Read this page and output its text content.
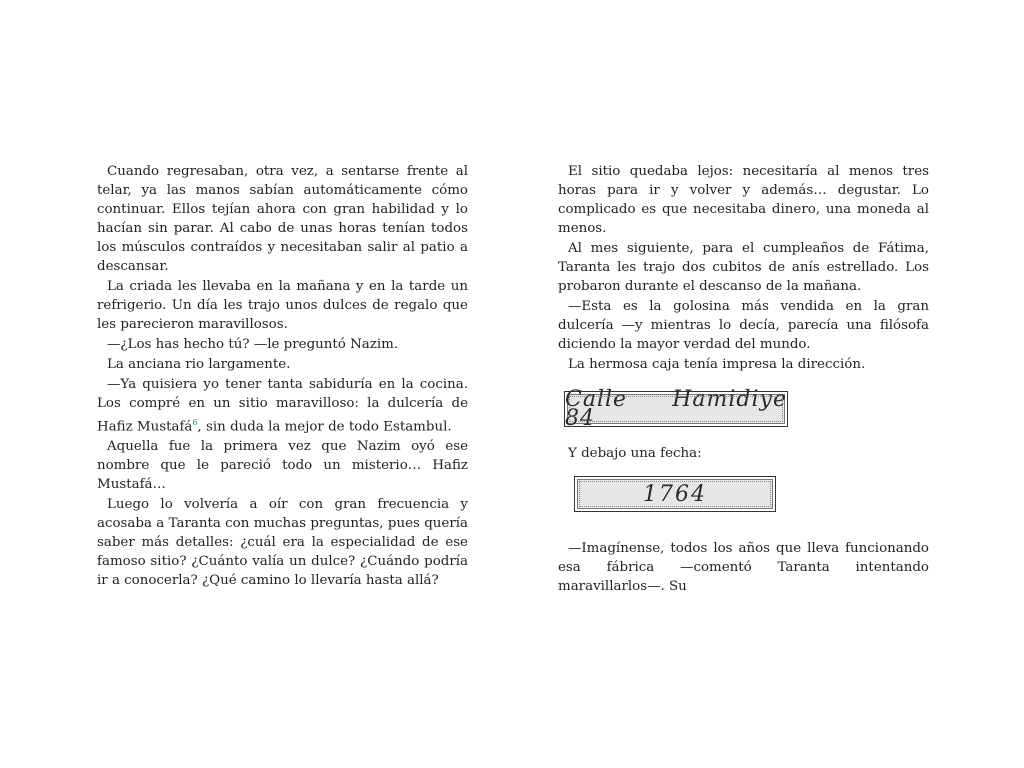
Cuando regresaban, otra vez, a sentarse frente al telar, ya las manos sabían automáticamente cómo continuar. Ellos tejían ahora con gran habilidad y lo hacían sin parar. Al cabo de unas horas tenían todos los músculos contraídos y necesitaban salir al patio a descansar.

La criada les llevaba en la mañana y en la tarde un refrigerio. Un día les trajo unos dulces de regalo que les parecieron maravillosos.

—¿Los has hecho tú? —le preguntó Nazim.

La anciana rio largamente.

—Ya quisiera yo tener tanta sabiduría en la cocina. Los compré en un sitio maravilloso: la dulcería de Hafiz Mustafá$^6$, sin duda la mejor de todo Estambul.

Aquella fue la primera vez que Nazim oyó ese nombre que le pareció todo un misterio… Hafiz Mustafá…

Luego lo volvería a oír con gran frecuencia y acosaba a Taranta con muchas preguntas, pues quería saber más detalles: ¿cuál era la especialidad de ese famoso sitio? ¿Cuánto valía un dulce? ¿Cuándo podría ir a conocerla? ¿Qué camino lo llevaría hasta allá?

El sitio quedaba lejos: necesitaría al menos tres horas para ir y volver y además… degustar. Lo complicado es que necesitaba dinero, una moneda al menos.

Al mes siguiente, para el cumpleaños de Fátima, Taranta les trajo dos cubitos de anís estrellado. Los probaron durante el descanso de la mañana.

—Esta es la golosina más vendida en la gran dulcería —y mientras lo decía, parecía una filósofa diciendo la mayor verdad del mundo.

La hermosa caja tenía impresa la dirección.

Calle Hamidiye 84

Y debajo una fecha:

1764

—Imagínense, todos los años que lleva funcionando esa fábrica —comentó Taranta intentando maravillarlos—. Su
